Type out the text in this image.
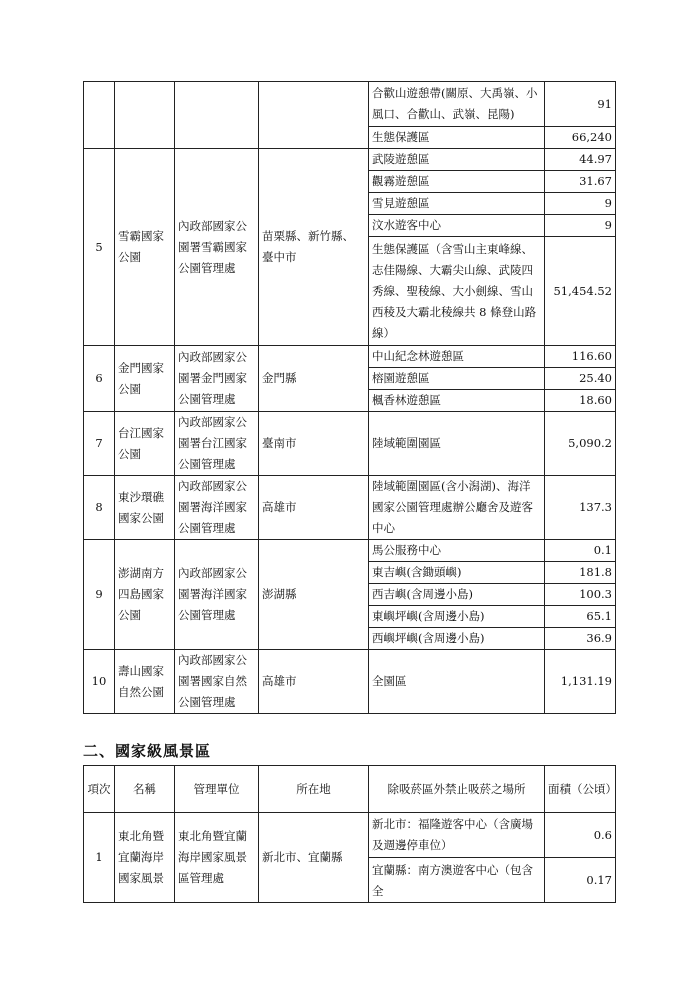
				合歡山遊憩帶(關原、大禹嶺、小風口、合歡山、武嶺、昆陽)	91
				生態保護區	66,240
5	雪霸國家公園	內政部國家公園署雪霸國家公園管理處	苗栗縣、新竹縣、臺中市	武陵遊憩區	44.97
				觀霧遊憩區	31.67
				雪見遊憩區	9
				汶水遊客中心	9
				生態保護區（含雪山主東峰線、志佳陽線、大霸尖山線、武陵四秀線、聖稜線、大小劍線、雪山西稜及大霸北稜線共 8 條登山路線）	51,454.52
6	金門國家公園	內政部國家公園署金門國家公園管理處	金門縣	中山紀念林遊憩區	116.60
				榕園遊憩區	25.40
				楓香林遊憩區	18.60
7	台江國家公園	內政部國家公園署台江國家公園管理處	臺南市	陸域範圍園區	5,090.2
8	東沙環礁國家公園	內政部國家公園署海洋國家公園管理處	高雄市	陸域範圍園區(含小潟湖)、海洋國家公園管理處辦公廳舍及遊客中心	137.3
9	澎湖南方四島國家公園	內政部國家公園署海洋國家公園管理處	澎湖縣	馬公服務中心	0.1
				東吉嶼(含鋤頭嶼)	181.8
				西吉嶼(含周邊小島)	100.3
				東嶼坪嶼(含周邊小島)	65.1
				西嶼坪嶼(含周邊小島)	36.9
10	壽山國家自然公園	內政部國家公園署國家自然公園管理處	高雄市	全園區	1,131.19
二、國家級風景區
項次	名稱	管理單位	所在地	除吸菸區外禁止吸菸之場所	面積（公頃）
1	東北角暨宜蘭海岸國家風景	東北角暨宜蘭海岸國家風景區管理處	新北市、宜蘭縣	新北市：福隆遊客中心（含廣場及週邊停車位）	0.6
				宜蘭縣：南方澳遊客中心（包含全	0.17
